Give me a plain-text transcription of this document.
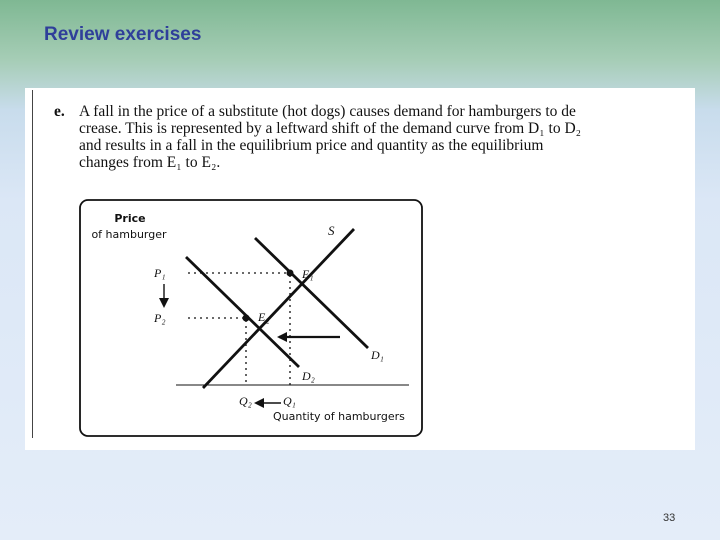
Review exercises
e. A fall in the price of a substitute (hot dogs) causes demand for hamburgers to de
crease. This is represented by a leftward shift of the demand curve from D₁ to D₂
and results in a fall in the equilibrium price and quantity as the equilibrium
changes from E₁ to E₂.
Price
of hamburger	S
D₁
D₂
E₁
E₂
P₁
P₂
Q₁
Q₂
Quantity of hamburgers
33
